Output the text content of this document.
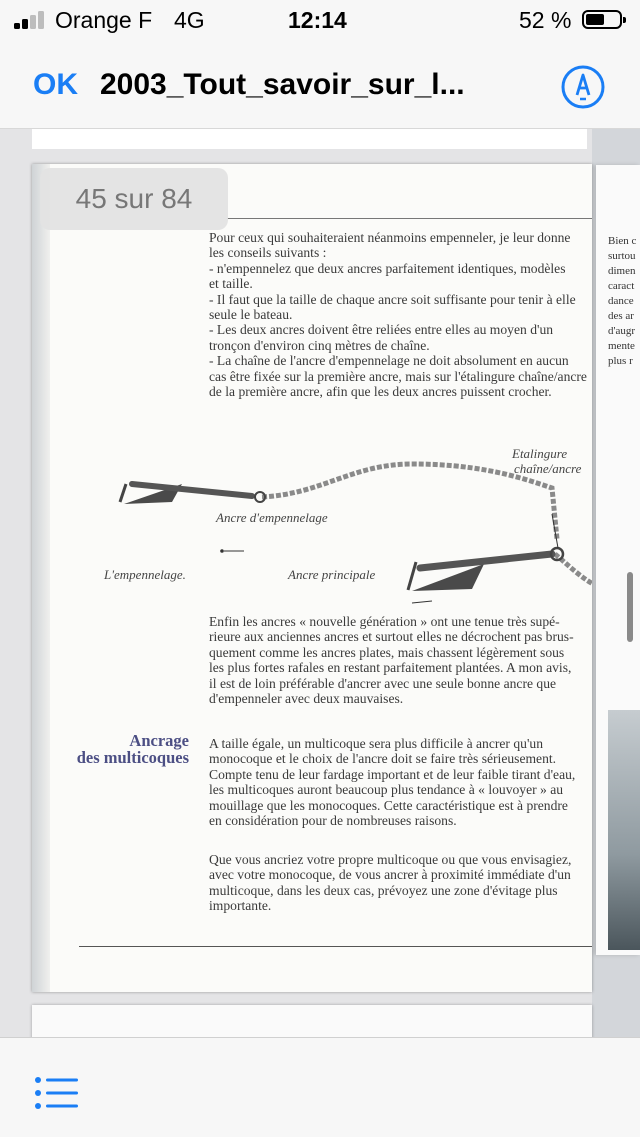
Orange F 4G	12:14	52 %
OK 2003_Tout_savoir_sur_l...
Bien c
surtou
dimen
caract
dance
des ar
d'augr
mente
plus r
Pour ceux qui souhaiteraient néanmoins empenneler, je leur donne
les conseils suivants :
- n'empennelez que deux ancres parfaitement identiques, modèles
et taille.
- Il faut que la taille de chaque ancre soit suffisante pour tenir à elle
seule le bateau.
- Les deux ancres doivent être reliées entre elles au moyen d'un
tronçon d'environ cinq mètres de chaîne.
- La chaîne de l'ancre d'empennelage ne doit absolument en aucun
cas être fixée sur la première ancre, mais sur l'étalingure chaîne/ancre
de la première ancre, afin que les deux ancres puissent crocher.
Etalingure
chaîne/ancre
Ancre d'empennelage
Ancre principale
L'empennelage.
Enfin les ancres « nouvelle génération » ont une tenue très supé-
rieure aux anciennes ancres et surtout elles ne décrochent pas brus-
quement comme les ancres plates, mais chassent légèrement sous
les plus fortes rafales en restant parfaitement plantées. A mon avis,
il est de loin préférable d'ancrer avec une seule bonne ancre que
d'empenneler avec deux mauvaises.
Ancrage
des multicoques
A taille égale, un multicoque sera plus difficile à ancrer qu'un
monocoque et le choix de l'ancre doit se faire très sérieusement.
Compte tenu de leur fardage important et de leur faible tirant d'eau,
les multicoques auront beaucoup plus tendance à « louvoyer » au
mouillage que les monocoques. Cette caractéristique est à prendre
en considération pour de nombreuses raisons.
Que vous ancriez votre propre multicoque ou que vous envisagiez,
avec votre monocoque, de vous ancrer à proximité immédiate d'un
multicoque, dans les deux cas, prévoyez une zone d'évitage plus
importante.
45 sur 84
